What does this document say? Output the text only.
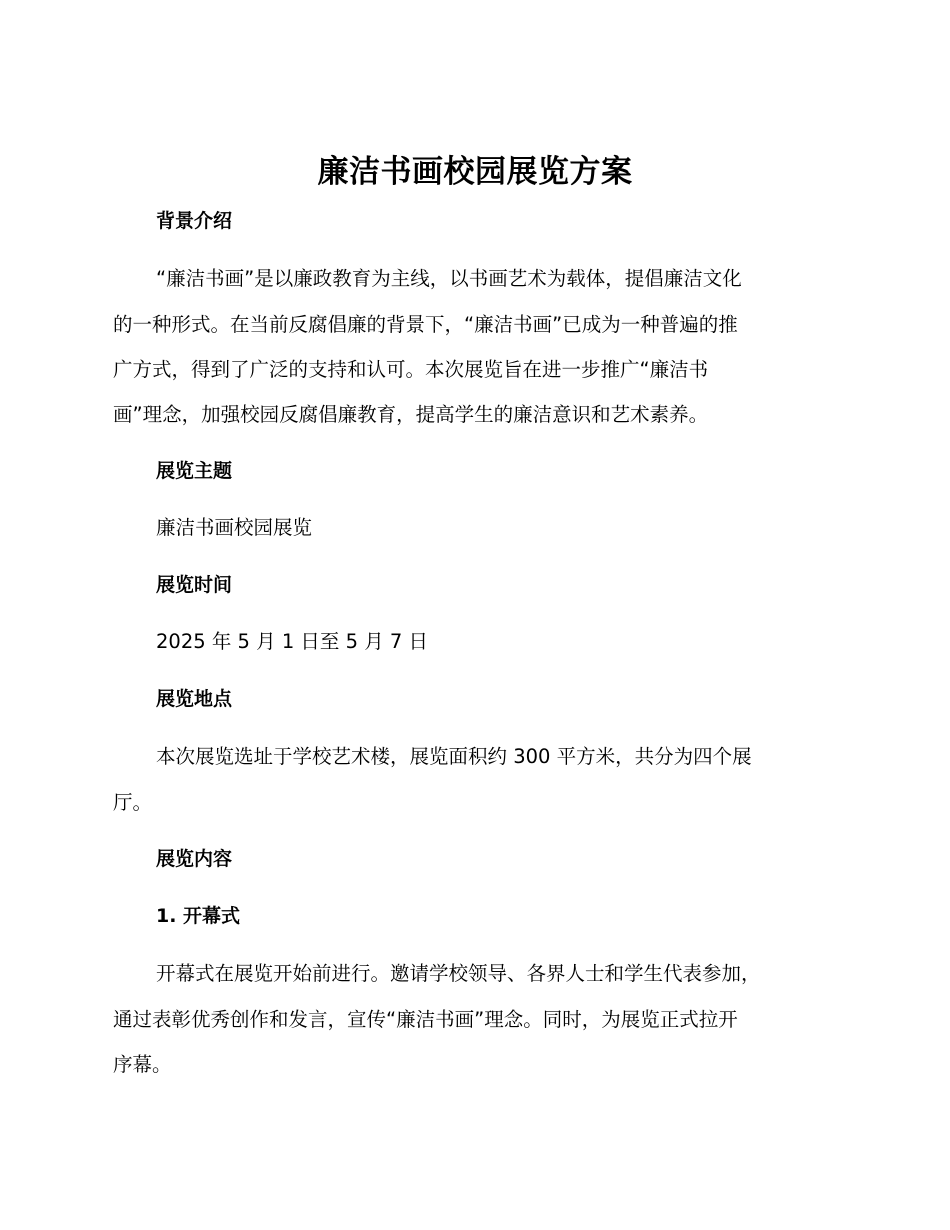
廉洁书画校园展览方案
背景介绍
“廉洁书画”是以廉政教育为主线，以书画艺术为载体，提倡廉洁文化
的一种形式。在当前反腐倡廉的背景下，“廉洁书画”已成为一种普遍的推
广方式，得到了广泛的支持和认可。本次展览旨在进一步推广“廉洁书
画”理念，加强校园反腐倡廉教育，提高学生的廉洁意识和艺术素养。
展览主题
廉洁书画校园展览
展览时间
2025 年 5 月 1 日至 5 月 7 日
展览地点
本次展览选址于学校艺术楼，展览面积约 300 平方米，共分为四个展
厅。
展览内容
1. 开幕式
开幕式在展览开始前进行。邀请学校领导、各界人士和学生代表参加，
通过表彰优秀创作和发言，宣传“廉洁书画”理念。同时，为展览正式拉开
序幕。
